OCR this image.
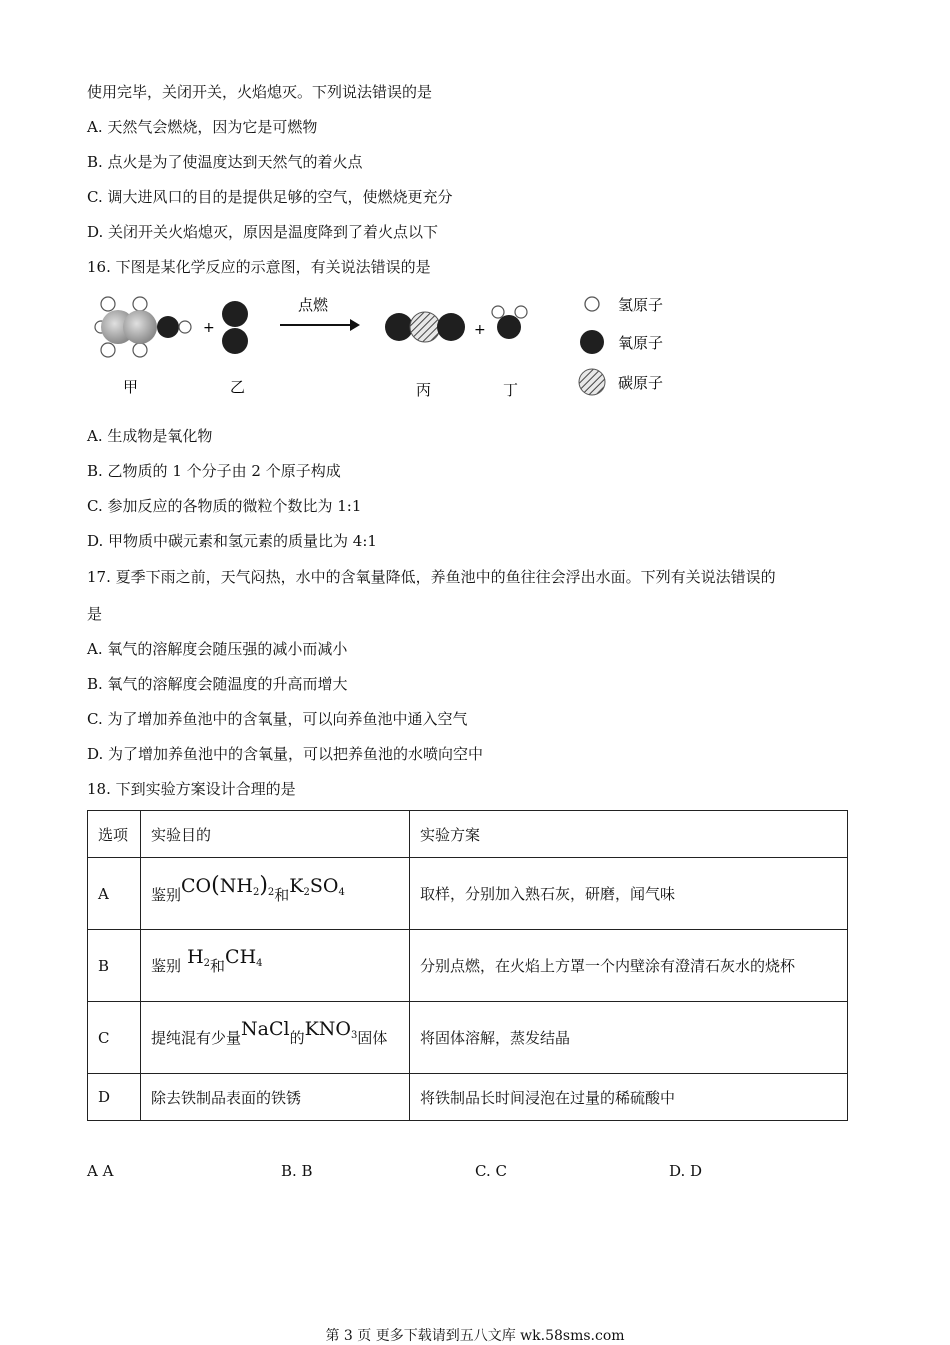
使用完毕，关闭开关，火焰熄灭。下列说法错误的是
A. 天然气会燃烧，因为它是可燃物
B. 点火是为了使温度达到天然气的着火点
C. 调大进风口的目的是提供足够的空气，使燃烧更充分
D. 关闭开关火焰熄灭，原因是温度降到了着火点以下
16. 下图是某化学反应的示意图，有关说法错误的是
+
点燃
+
氢原子
氧原子
碳原子
甲	乙	丙	丁
A. 生成物是氧化物
B. 乙物质的 1 个分子由 2 个原子构成
C. 参加反应的各物质的微粒个数比为 1:1
D. 甲物质中碳元素和氢元素的质量比为 4:1
17. 夏季下雨之前，天气闷热，水中的含氧量降低，养鱼池中的鱼往往会浮出水面。下列有关说法错误的
是
A. 氧气的溶解度会随压强的减小而减小
B. 氧气的溶解度会随温度的升高而增大
C. 为了增加养鱼池中的含氧量，可以向养鱼池中通入空气
D. 为了增加养鱼池中的含氧量，可以把养鱼池的水喷向空中
18. 下到实验方案设计合理的是
选项	实验目的	实验方案
A	鉴别$CO(NH_2)_2$和$K_2SO_4$	取样，分别加入熟石灰，研磨，闻气味
B	鉴别 $H_2$和$CH_4$	分别点燃，在火焰上方罩一个内壁涂有澄清石灰水的烧杯
C	提纯混有少量NaCl的$KNO_3$固体	将固体溶解，蒸发结晶
D	除去铁制品表面的铁锈	将铁制品长时间浸泡在过量的稀硫酸中
A A	B. B	C. C	D. D
第 3 页 更多下载请到五八文库 wk.58sms.com
